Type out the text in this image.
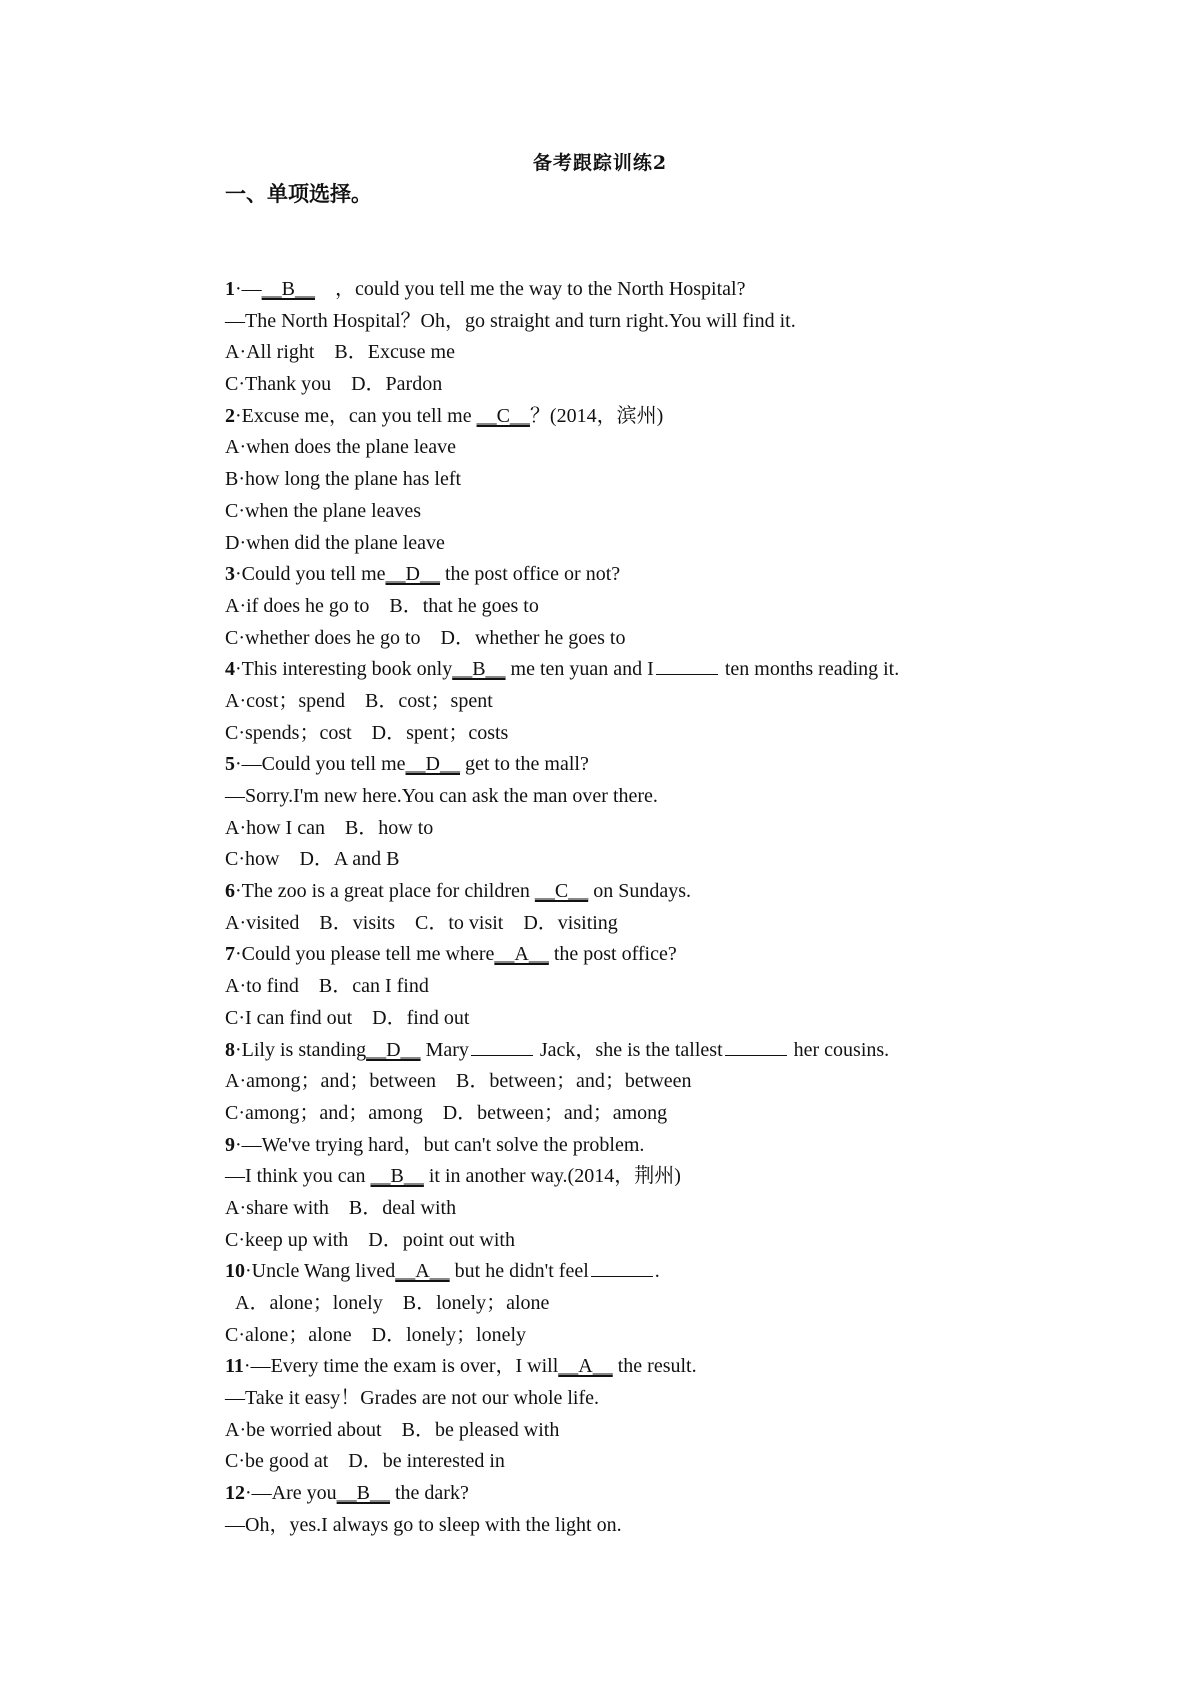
备考跟踪训练2
一、单项选择。
1·—__B__　 ，could you tell me the way to the North Hospital?
—The North Hospital？Oh，go straight and turn right.You will find it.
A·All right　B．Excuse me
C·Thank you　D．Pardon
2·Excuse me，can you tell me __C__？(2014，滨州)
A·when does the plane leave
B·how long the plane has left
C·when the plane leaves
D·when did the plane leave
3·Could you tell me__D__ the post office or not?
A·if does he go to　B．that he goes to
C·whether does he go to　D．whether he goes to
4·This interesting book only__B__ me ten yuan and I	ten months reading it.
A·cost；spend　B．cost；spent
C·spends；cost　D．spent；costs
5·—Could you tell me__D__ get to the mall?
—Sorry.I'm new here.You can ask the man over there.
A·how I can　B．how to
C·how　D．A and B
6·The zoo is a great place for children __C__ on Sundays.
A·visited　B．visits　C．to visit　D．visiting
7·Could you please tell me where__A__ the post office?
A·to find　B．can I find
C·I can find out　D．find out
8·Lily is standing__D__ Mary	Jack，she is the tallest	her cousins.
A·among；and；between　B．between；and；between
C·among；and；among　D．between；and；among
9·—We've trying hard，but can't solve the problem.
—I think you can __B__ it in another way.(2014，荆州)
A·share with　B．deal with
C·keep up with　D．point out with
10·Uncle Wang lived__A__ but he didn't feel	.
A．alone；lonely　B．lonely；alone
C·alone；alone　D．lonely；lonely
11·—Every time the exam is over，I will__A__ the result.
—Take it easy！Grades are not our whole life.
A·be worried about　B．be pleased with
C·be good at　D．be interested in
12·—Are you__B__ the dark?
—Oh，yes.I always go to sleep with the light on.
